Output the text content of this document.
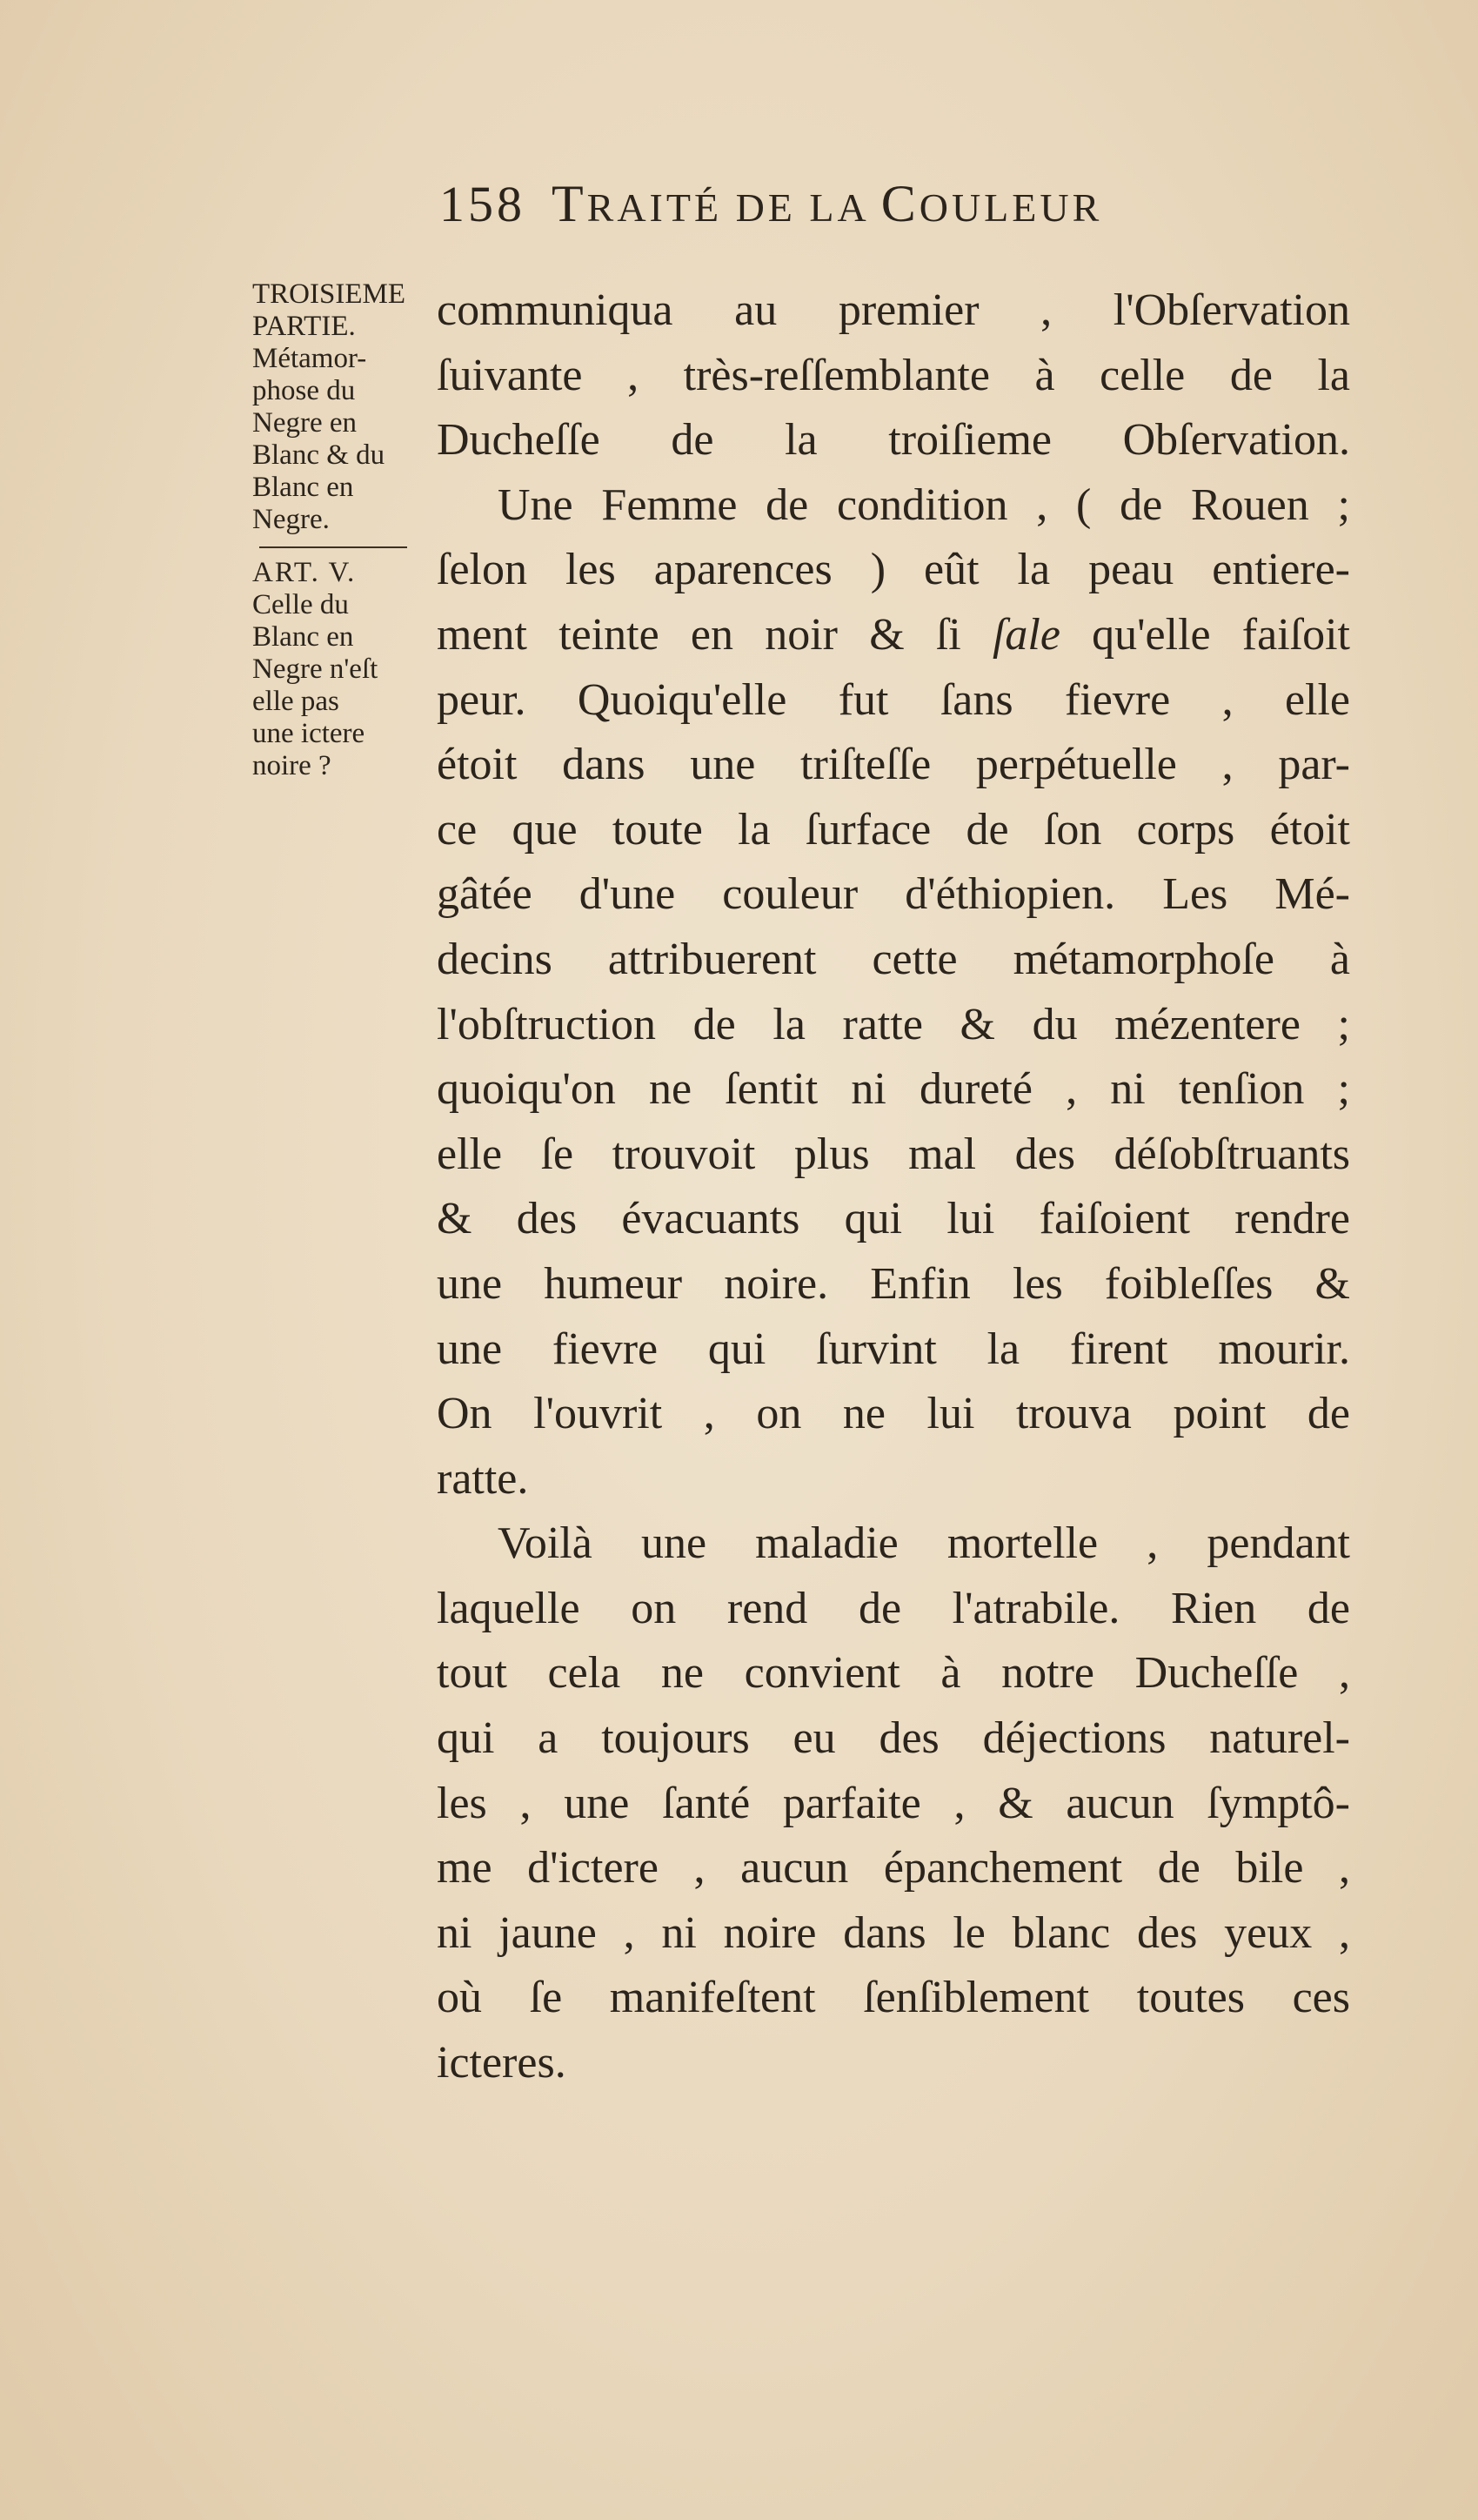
158 TRAITÉ DE LA COULEUR
TROISIEME
PARTIE.
Métamor-
phose du
Negre en
Blanc & du
Blanc en
Negre.
ART. V.
Celle du
Blanc en
Negre n'eſt
elle pas
une ictere
noire ?
communiqua au premier , l'Obſervation
ſuivante , très-reſſemblante à celle de la
Ducheſſe de la troiſieme Obſervation.
Une Femme de condition , ( de Rouen ;
ſelon les aparences ) eût la peau entiere-
ment teinte en noir & ſi ſale qu'elle faiſoit
peur. Quoiqu'elle fut ſans fievre , elle
étoit dans une triſteſſe perpétuelle , par-
ce que toute la ſurface de ſon corps étoit
gâtée d'une couleur d'éthiopien. Les Mé-
decins attribuerent cette métamorphoſe à
l'obſtruction de la ratte & du mézentere ;
quoiqu'on ne ſentit ni dureté , ni tenſion ;
elle ſe trouvoit plus mal des déſobſtruants
& des évacuants qui lui faiſoient rendre
une humeur noire. Enfin les foibleſſes &
une fievre qui ſurvint la firent mourir.
On l'ouvrit , on ne lui trouva point de
ratte.
Voilà une maladie mortelle , pendant
laquelle on rend de l'atrabile. Rien de
tout cela ne convient à notre Ducheſſe ,
qui a toujours eu des déjections naturel-
les , une ſanté parfaite , & aucun ſymptô-
me d'ictere , aucun épanchement de bile ,
ni jaune , ni noire dans le blanc des yeux ,
où ſe manifeſtent ſenſiblement toutes ces
icteres.
